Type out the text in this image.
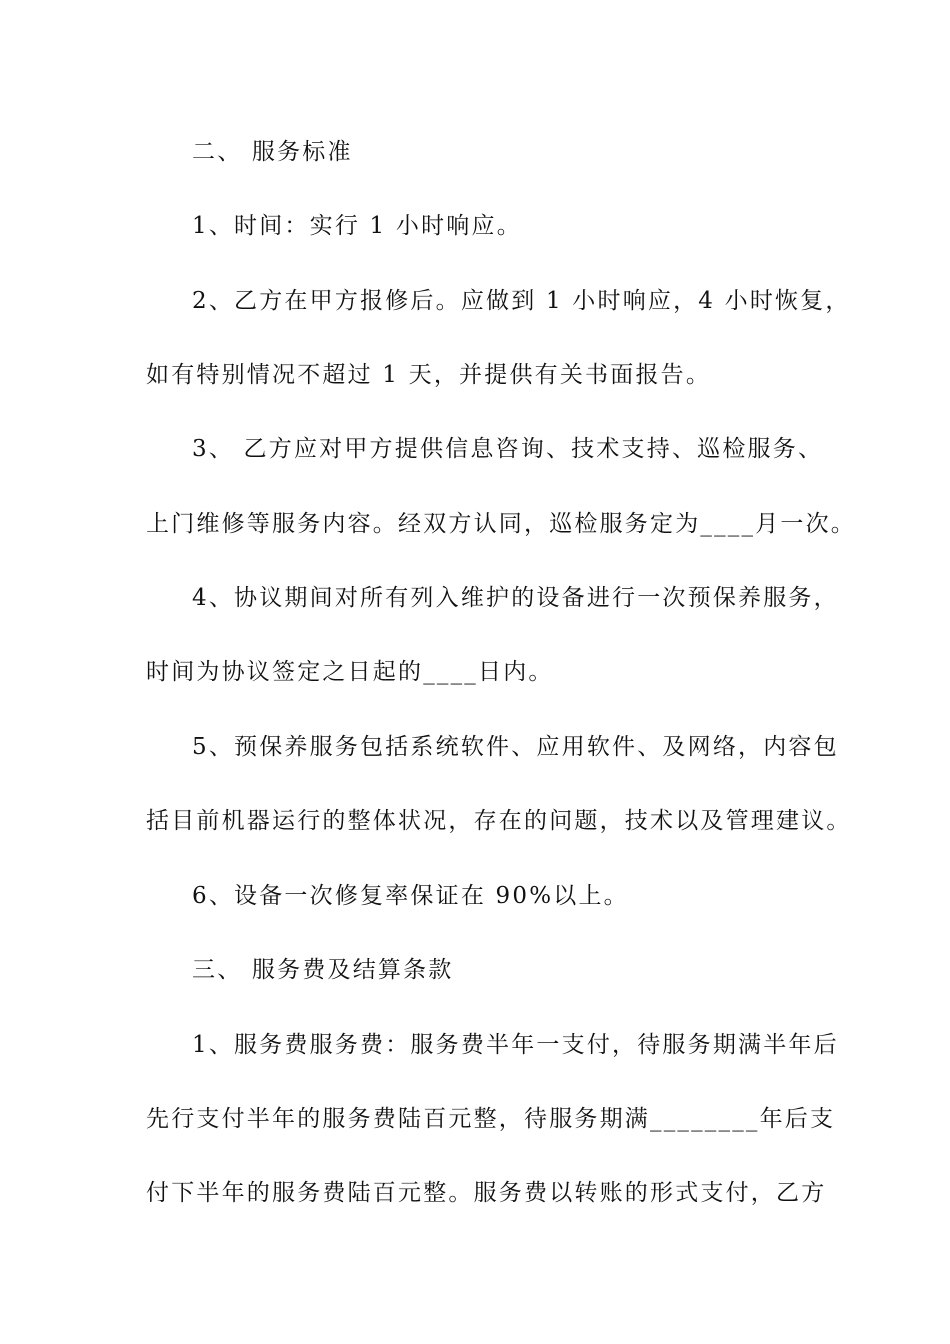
二、 服务标准
1、时间：实行 1 小时响应。
2、乙方在甲方报修后。应做到 1 小时响应，4 小时恢复，
如有特别情况不超过 1 天，并提供有关书面报告。
3、 乙方应对甲方提供信息咨询、技术支持、巡检服务、
上门维修等服务内容。经双方认同，巡检服务定为____月一次。
4、协议期间对所有列入维护的设备进行一次预保养服务，
时间为协议签定之日起的____日内。
5、预保养服务包括系统软件、应用软件、及网络，内容包
括目前机器运行的整体状况，存在的问题，技术以及管理建议。
6、设备一次修复率保证在 90%以上。
三、 服务费及结算条款
1、服务费服务费：服务费半年一支付，待服务期满半年后
先行支付半年的服务费陆百元整，待服务期满________年后支
付下半年的服务费陆百元整。服务费以转账的形式支付，乙方
